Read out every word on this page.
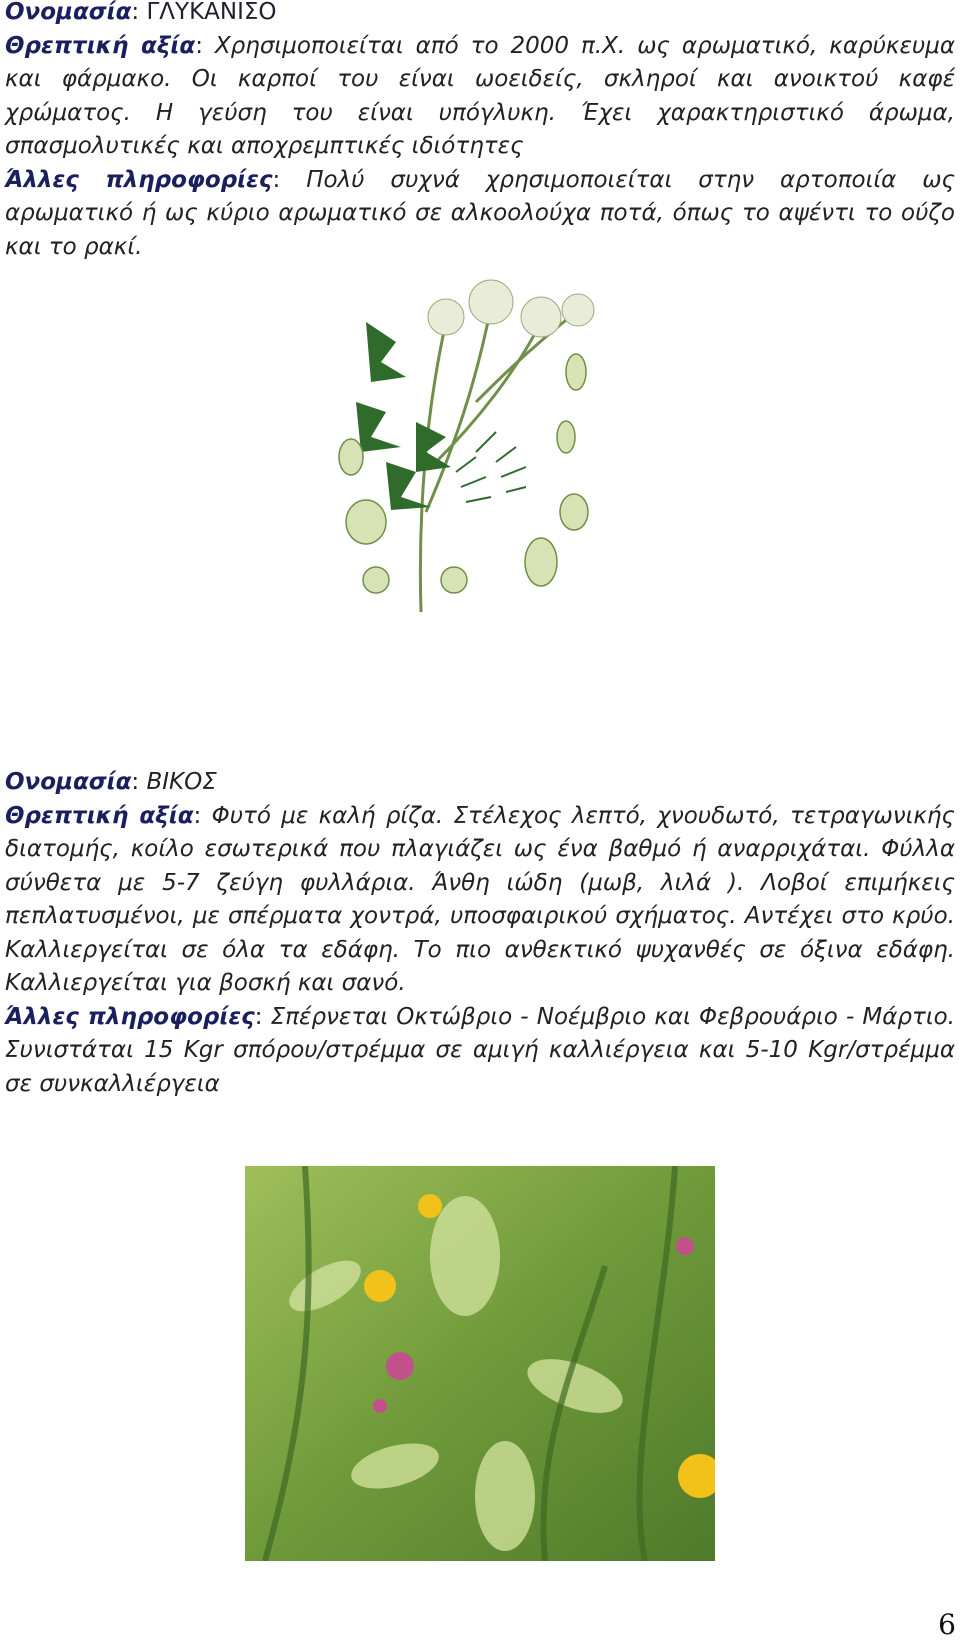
Ονομασία: ΓΛΥΚΑΝΙΣΟ

Θρεπτική αξία: Χρησιμοποιείται από το 2000 π.Χ. ως αρωματικό, καρύκευμα και φάρμακο. Οι καρποί του είναι ωοειδείς, σκληροί και ανοικτού καφέ χρώματος. Η γεύση του είναι υπόγλυκη. Έχει χαρακτηριστικό άρωμα, σπασμολυτικές και αποχρεμπτικές ιδιότητες

Άλλες πληροφορίες: Πολύ συχνά χρησιμοποιείται στην αρτοποιία ως αρωματικό ή ως κύριο αρωματικό σε αλκοολούχα ποτά, όπως το αψέντι το ούζο και το ρακί.

Ονομασία: ΒΙΚΟΣ

Θρεπτική αξία: Φυτό με καλή ρίζα. Στέλεχος λεπτό, χνουδωτό, τετραγωνικής διατομής, κοίλο εσωτερικά που πλαγιάζει ως ένα βαθμό ή αναρριχάται. Φύλλα σύνθετα με 5-7 ζεύγη φυλλάρια. Άνθη ιώδη (μωβ, λιλά ). Λοβοί επιμήκεις πεπλατυσμένοι, με σπέρματα χοντρά, υποσφαιρικού σχήματος. Αντέχει στο κρύο. Καλλιεργείται σε όλα τα εδάφη. Το πιο ανθεκτικό ψυχανθές σε όξινα εδάφη. Καλλιεργείται για βοσκή και σανό.

Άλλες πληροφορίες: Σπέρνεται Οκτώβριο - Νοέμβριο και Φεβρουάριο - Μάρτιο. Συνιστάται 15 Kgr σπόρου/στρέμμα σε αμιγή καλλιέργεια και 5-10 Kgr/στρέμμα σε συνκαλλιέργεια

6
